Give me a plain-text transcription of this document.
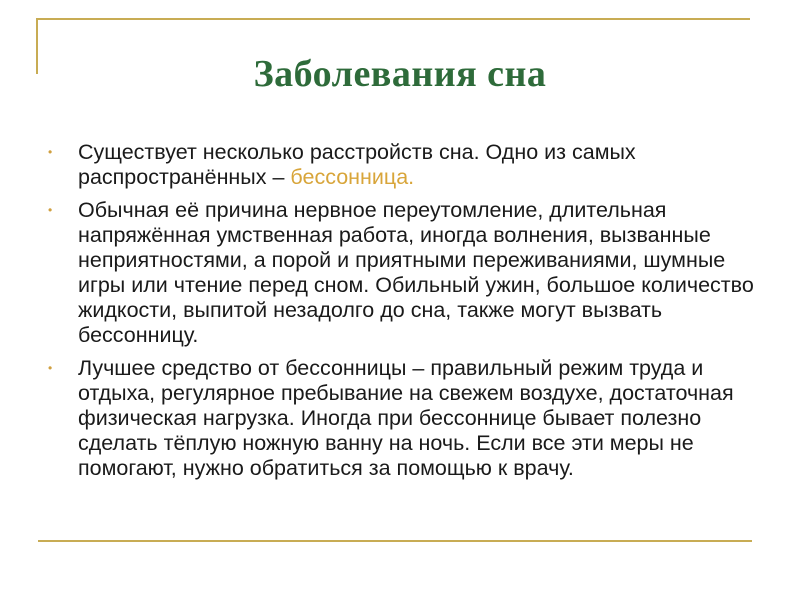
Заболевания сна

• Существует несколько расстройств сна. Одно из самых распространённых – бессонница.

• Обычная её причина нервное переутомление, длительная напряжённая умственная работа, иногда волнения, вызванные неприятностями, а порой и приятными переживаниями, шумные игры или чтение перед сном. Обильный ужин, большое количество жидкости, выпитой незадолго до сна, также могут вызвать бессонницу.

• Лучшее средство от бессонницы – правильный режим труда и отдыха, регулярное пребывание на свежем воздухе, достаточная физическая нагрузка. Иногда при бессоннице бывает полезно сделать тёплую ножную ванну на ночь. Если все эти меры не помогают, нужно обратиться за помощью к врачу.
